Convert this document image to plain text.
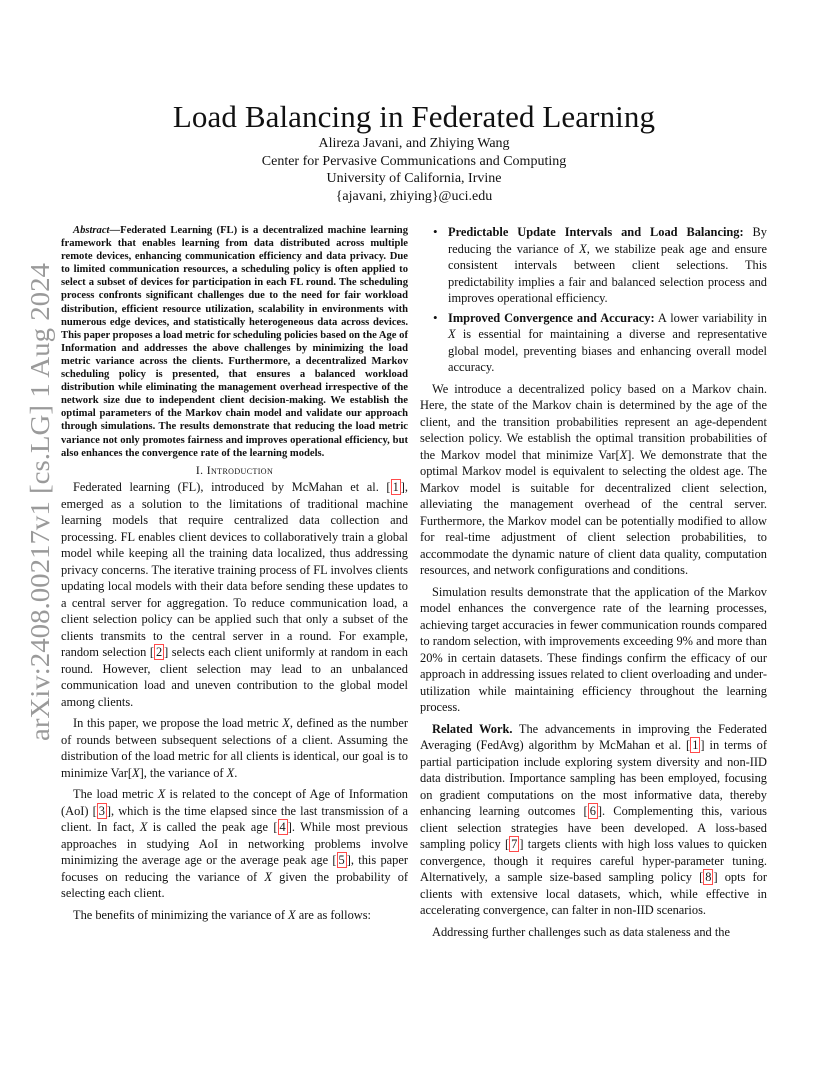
arXiv:2408.00217v1 [cs.LG] 1 Aug 2024
Load Balancing in Federated Learning
Alireza Javani, and Zhiying Wang
Center for Pervasive Communications and Computing
University of California, Irvine
{ajavani, zhiying}@uci.edu

Abstract—Federated Learning (FL) is a decentralized machine learning framework that enables learning from data distributed across multiple remote devices, enhancing communication efficiency and data privacy. Due to limited communication resources, a scheduling policy is often applied to select a subset of devices for participation in each FL round. The scheduling process confronts significant challenges due to the need for fair workload distribution, efficient resource utilization, scalability in environments with numerous edge devices, and statistically heterogeneous data across devices. This paper proposes a load metric for scheduling policies based on the Age of Information and addresses the above challenges by minimizing the load metric variance across the clients. Furthermore, a decentralized Markov scheduling policy is presented, that ensures a balanced workload distribution while eliminating the management overhead irrespective of the network size due to independent client decision-making. We establish the optimal parameters of the Markov chain model and validate our approach through simulations. The results demonstrate that reducing the load metric variance not only promotes fairness and improves operational efficiency, but also enhances the convergence rate of the learning models.

I. Introduction

Federated learning (FL), introduced by McMahan et al. [ 1 ], emerged as a solution to the limitations of traditional machine learning models that require centralized data collection and processing. FL enables client devices to collaboratively train a global model while keeping all the training data localized, thus addressing privacy concerns. The iterative training process of FL involves clients updating local models with their data before sending these updates to a central server for aggregation. To reduce communication load, a client selection policy can be applied such that only a subset of the clients transmits to the central server in a round. For example, random selection [ 2 ] selects each client uniformly at random in each round. However, client selection may lead to an unbalanced communication load and uneven contribution to the global model among clients.

In this paper, we propose the load metric X, defined as the number of rounds between subsequent selections of a client. Assuming the distribution of the load metric for all clients is identical, our goal is to minimize Var[X], the variance of X.

The load metric X is related to the concept of Age of Information (AoI) [ 3 ], which is the time elapsed since the last transmission of a client. In fact, X is called the peak age [ 4 ]. While most previous approaches in studying AoI in networking problems involve minimizing the average age or the average peak age [ 5 ], this paper focuses on reducing the variance of X given the probability of selecting each client.

The benefits of minimizing the variance of X are as follows:

• Predictable Update Intervals and Load Balancing: By reducing the variance of X, we stabilize peak age and ensure consistent intervals between client selections. This predictability implies a fair and balanced selection process and improves operational efficiency.
• Improved Convergence and Accuracy: A lower variability in X is essential for maintaining a diverse and representative global model, preventing biases and enhancing overall model accuracy.

We introduce a decentralized policy based on a Markov chain. Here, the state of the Markov chain is determined by the age of the client, and the transition probabilities represent an age-dependent selection policy. We establish the optimal transition probabilities of the Markov model that minimize Var[X]. We demonstrate that the optimal Markov model is equivalent to selecting the oldest age. The Markov model is suitable for decentralized client selection, alleviating the management overhead of the central server. Furthermore, the Markov model can be potentially modified to allow for real-time adjustment of client selection probabilities, to accommodate the dynamic nature of client data quality, computation resources, and network configurations and conditions.

Simulation results demonstrate that the application of the Markov model enhances the convergence rate of the learning processes, achieving target accuracies in fewer communication rounds compared to random selection, with improvements exceeding 9% and more than 20% in certain datasets. These findings confirm the efficacy of our approach in addressing issues related to client overloading and under-utilization while maintaining efficiency throughout the learning process.

Related Work. The advancements in improving the Federated Averaging (FedAvg) algorithm by McMahan et al. [ 1 ] in terms of partial participation include exploring system diversity and non-IID data distribution. Importance sampling has been employed, focusing on gradient computations on the most informative data, thereby enhancing learning outcomes [ 6 ]. Complementing this, various client selection strategies have been developed. A loss-based sampling policy [ 7 ] targets clients with high loss values to quicken convergence, though it requires careful hyper-parameter tuning. Alternatively, a sample size-based sampling policy [ 8 ] opts for clients with extensive local datasets, which, while effective in accelerating convergence, can falter in non-IID scenarios.

Addressing further challenges such as data staleness and the
